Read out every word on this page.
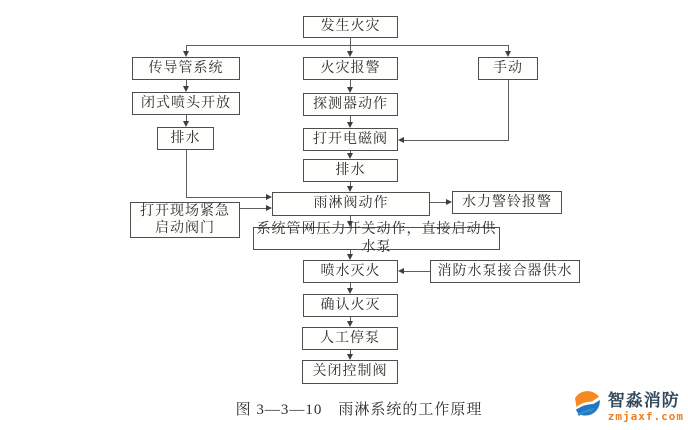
发生火灾
传导管系统	火灾报警	手动
闭式喷头开放	探测器动作
排水	打开电磁阀
排水
雨淋阀动作	水力警铃报警
打开现场紧急启动阀门	系统管网压力开关动作，直接启动供水泵
喷水灭火	消防水泵接合器供水
确认火灭
人工停泵
关闭控制阀
图 3—3—10　雨淋系统的工作原理
智淼消防
zmjaxf.com
